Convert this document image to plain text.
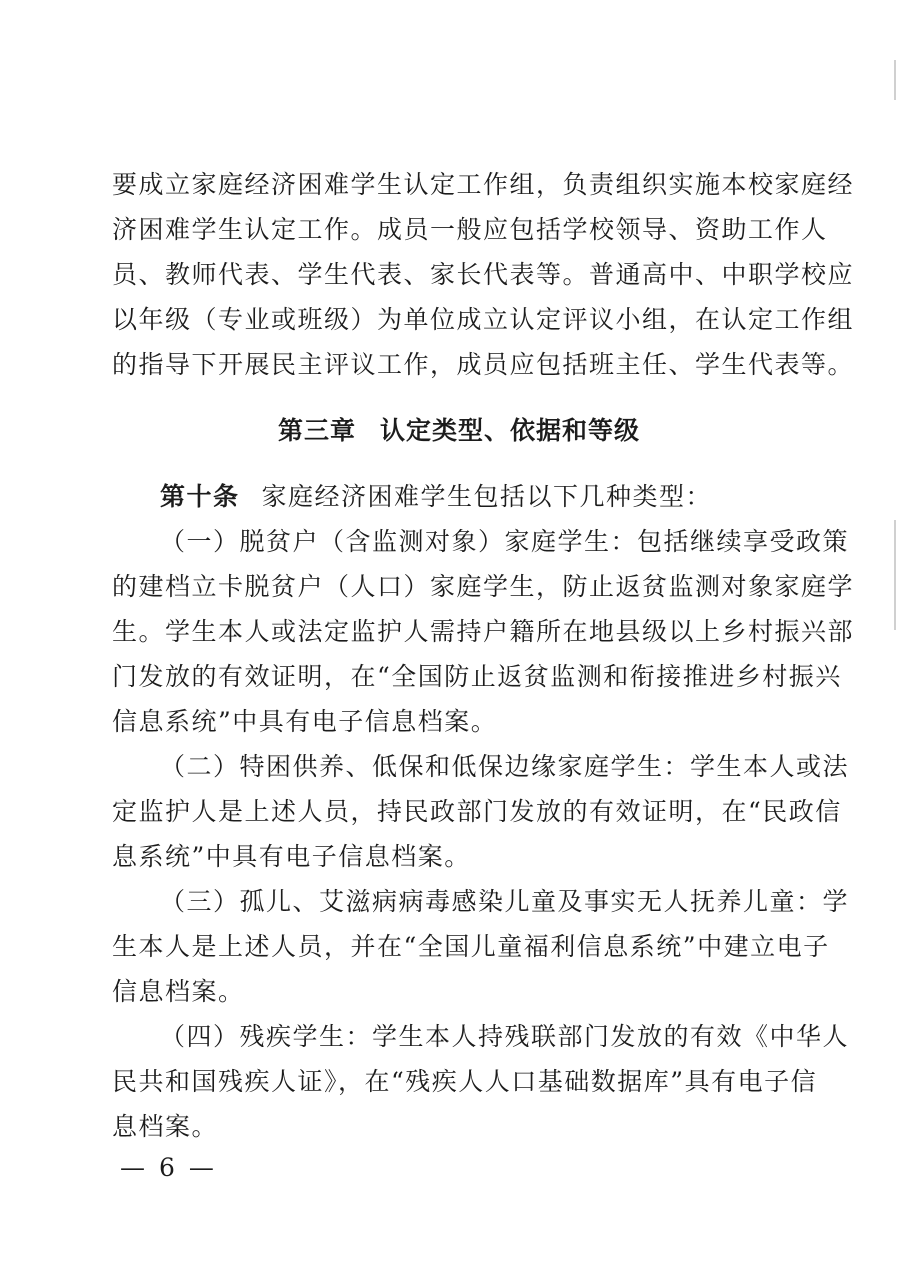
要成立家庭经济困难学生认定工作组，负责组织实施本校家庭经
济困难学生认定工作。成员一般应包括学校领导、资助工作人
员、教师代表、学生代表、家长代表等。普通高中、中职学校应
以年级（专业或班级）为单位成立认定评议小组，在认定工作组
的指导下开展民主评议工作，成员应包括班主任、学生代表等。
第三章 认定类型、依据和等级
第十条 家庭经济困难学生包括以下几种类型：
（一）脱贫户（含监测对象）家庭学生：包括继续享受政策
的建档立卡脱贫户（人口）家庭学生，防止返贫监测对象家庭学
生。学生本人或法定监护人需持户籍所在地县级以上乡村振兴部
门发放的有效证明，在“全国防止返贫监测和衔接推进乡村振兴
信息系统”中具有电子信息档案。
（二）特困供养、低保和低保边缘家庭学生：学生本人或法
定监护人是上述人员，持民政部门发放的有效证明，在“民政信
息系统”中具有电子信息档案。
（三）孤儿、艾滋病病毒感染儿童及事实无人抚养儿童：学
生本人是上述人员，并在“全国儿童福利信息系统”中建立电子
信息档案。
（四）残疾学生：学生本人持残联部门发放的有效《中华人
民共和国残疾人证》，在“残疾人人口基础数据库”具有电子信
息档案。
— 6 —
